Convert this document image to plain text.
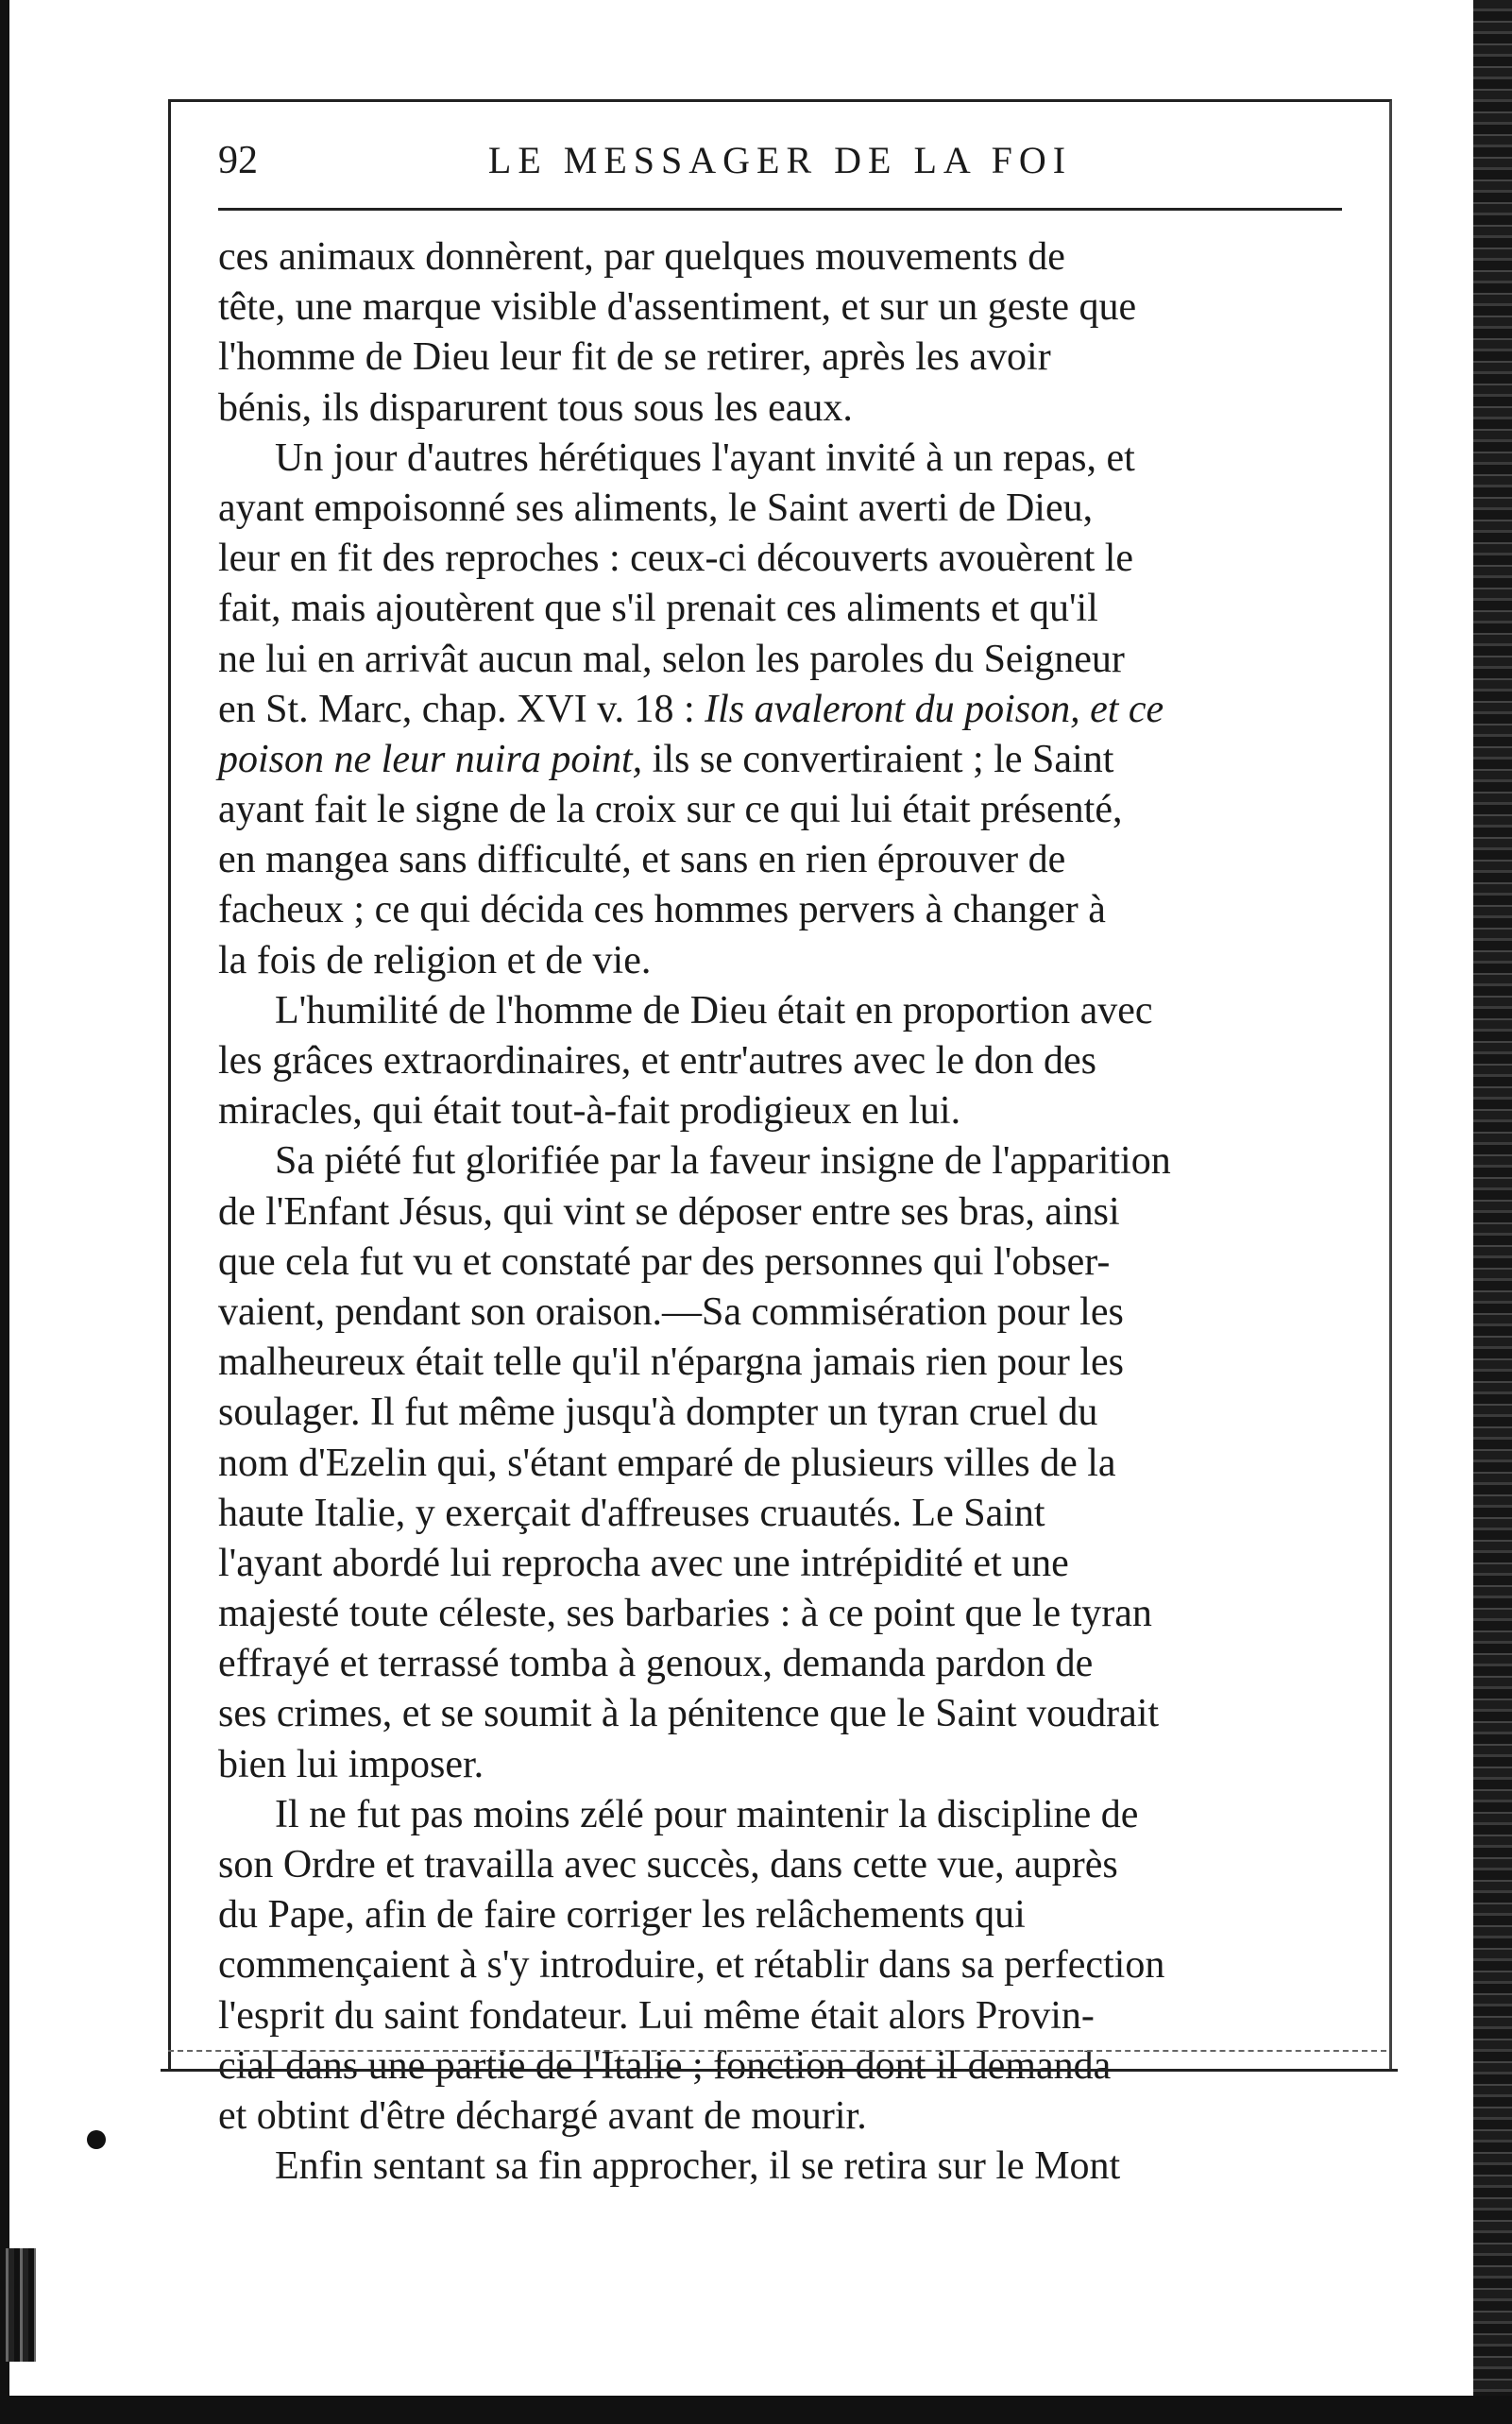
92	LE MESSAGER DE LA FOI
ces animaux donnèrent, par quelques mouvements de
tête, une marque visible d'assentiment, et sur un geste que
l'homme de Dieu leur fit de se retirer, après les avoir
bénis, ils disparurent tous sous les eaux.
Un jour d'autres hérétiques l'ayant invité à un repas, et
ayant empoisonné ses aliments, le Saint averti de Dieu,
leur en fit des reproches : ceux-ci découverts avouèrent le
fait, mais ajoutèrent que s'il prenait ces aliments et qu'il
ne lui en arrivât aucun mal, selon les paroles du Seigneur
en St. Marc, chap. XVI v. 18 : Ils avaleront du poison, et ce
poison ne leur nuira point, ils se convertiraient ; le Saint
ayant fait le signe de la croix sur ce qui lui était présenté,
en mangea sans difficulté, et sans en rien éprouver de
facheux ; ce qui décida ces hommes pervers à changer à
la fois de religion et de vie.
L'humilité de l'homme de Dieu était en proportion avec
les grâces extraordinaires, et entr'autres avec le don des
miracles, qui était tout-à-fait prodigieux en lui.
Sa piété fut glorifiée par la faveur insigne de l'apparition
de l'Enfant Jésus, qui vint se déposer entre ses bras, ainsi
que cela fut vu et constaté par des personnes qui l'obser-
vaient, pendant son oraison.—Sa commisération pour les
malheureux était telle qu'il n'épargna jamais rien pour les
soulager. Il fut même jusqu'à dompter un tyran cruel du
nom d'Ezelin qui, s'étant emparé de plusieurs villes de la
haute Italie, y exerçait d'affreuses cruautés. Le Saint
l'ayant abordé lui reprocha avec une intrépidité et une
majesté toute céleste, ses barbaries : à ce point que le tyran
effrayé et terrassé tomba à genoux, demanda pardon de
ses crimes, et se soumit à la pénitence que le Saint voudrait
bien lui imposer.
Il ne fut pas moins zélé pour maintenir la discipline de
son Ordre et travailla avec succès, dans cette vue, auprès
du Pape, afin de faire corriger les relâchements qui
commençaient à s'y introduire, et rétablir dans sa perfection
l'esprit du saint fondateur. Lui même était alors Provin-
cial dans une partie de l'Italie ; fonction dont il demanda
et obtint d'être déchargé avant de mourir.
Enfin sentant sa fin approcher, il se retira sur le Mont
